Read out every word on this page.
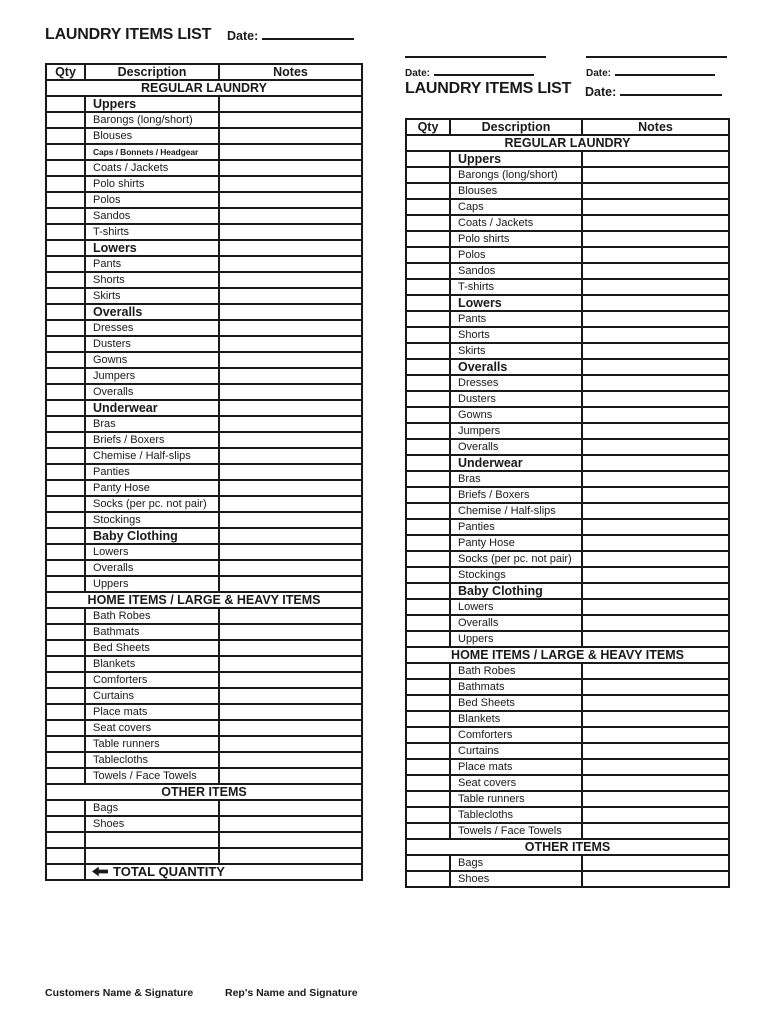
LAUNDRY ITEMS LIST Date:
Qty	Description	Notes
REGULAR LAUNDRY		
	Uppers	
	Barongs (long/short)	
	Blouses	
	Caps / Bonnets / Headgear	
	Coats / Jackets	
	Polo shirts	
	Polos	
	Sandos	
	T-shirts	
	Lowers	
	Pants	
	Shorts	
	Skirts	
	Overalls	
	Dresses	
	Dusters	
	Gowns	
	Jumpers	
	Overalls	
	Underwear	
	Bras	
	Briefs / Boxers	
	Chemise / Half-slips	
	Panties	
	Panty Hose	
	Socks (per pc. not pair)	
	Stockings	
	Baby Clothing	
	Lowers	
	Overalls	
	Uppers	
HOME ITEMS / LARGE & HEAVY ITEMS		
	Bath Robes	
	Bathmats	
	Bed Sheets	
	Blankets	
	Comforters	
	Curtains	
	Place mats	
	Seat covers	
	Table runners	
	Tablecloths	
	Towels / Face Towels	
OTHER ITEMS		
	Bags	
	Shoes	

	TOTAL QUANTITY	
Customers Name & Signature	Rep's Name and Signature
Date:	Date:
LAUNDRY ITEMS LIST Date:
Qty	Description	Notes
REGULAR LAUNDRY		
	Uppers	
	Barongs (long/short)	
	Blouses	
	Caps	
	Coats / Jackets	
	Polo shirts	
	Polos	
	Sandos	
	T-shirts	
	Lowers	
	Pants	
	Shorts	
	Skirts	
	Overalls	
	Dresses	
	Dusters	
	Gowns	
	Jumpers	
	Overalls	
	Underwear	
	Bras	
	Briefs / Boxers	
	Chemise / Half-slips	
	Panties	
	Panty Hose	
	Socks (per pc. not pair)	
	Stockings	
	Baby Clothing	
	Lowers	
	Overalls	
	Uppers	
HOME ITEMS / LARGE & HEAVY ITEMS		
	Bath Robes	
	Bathmats	
	Bed Sheets	
	Blankets	
	Comforters	
	Curtains	
	Place mats	
	Seat covers	
	Table runners	
	Tablecloths	
	Towels / Face Towels	
OTHER ITEMS		
	Bags	
	Shoes	
